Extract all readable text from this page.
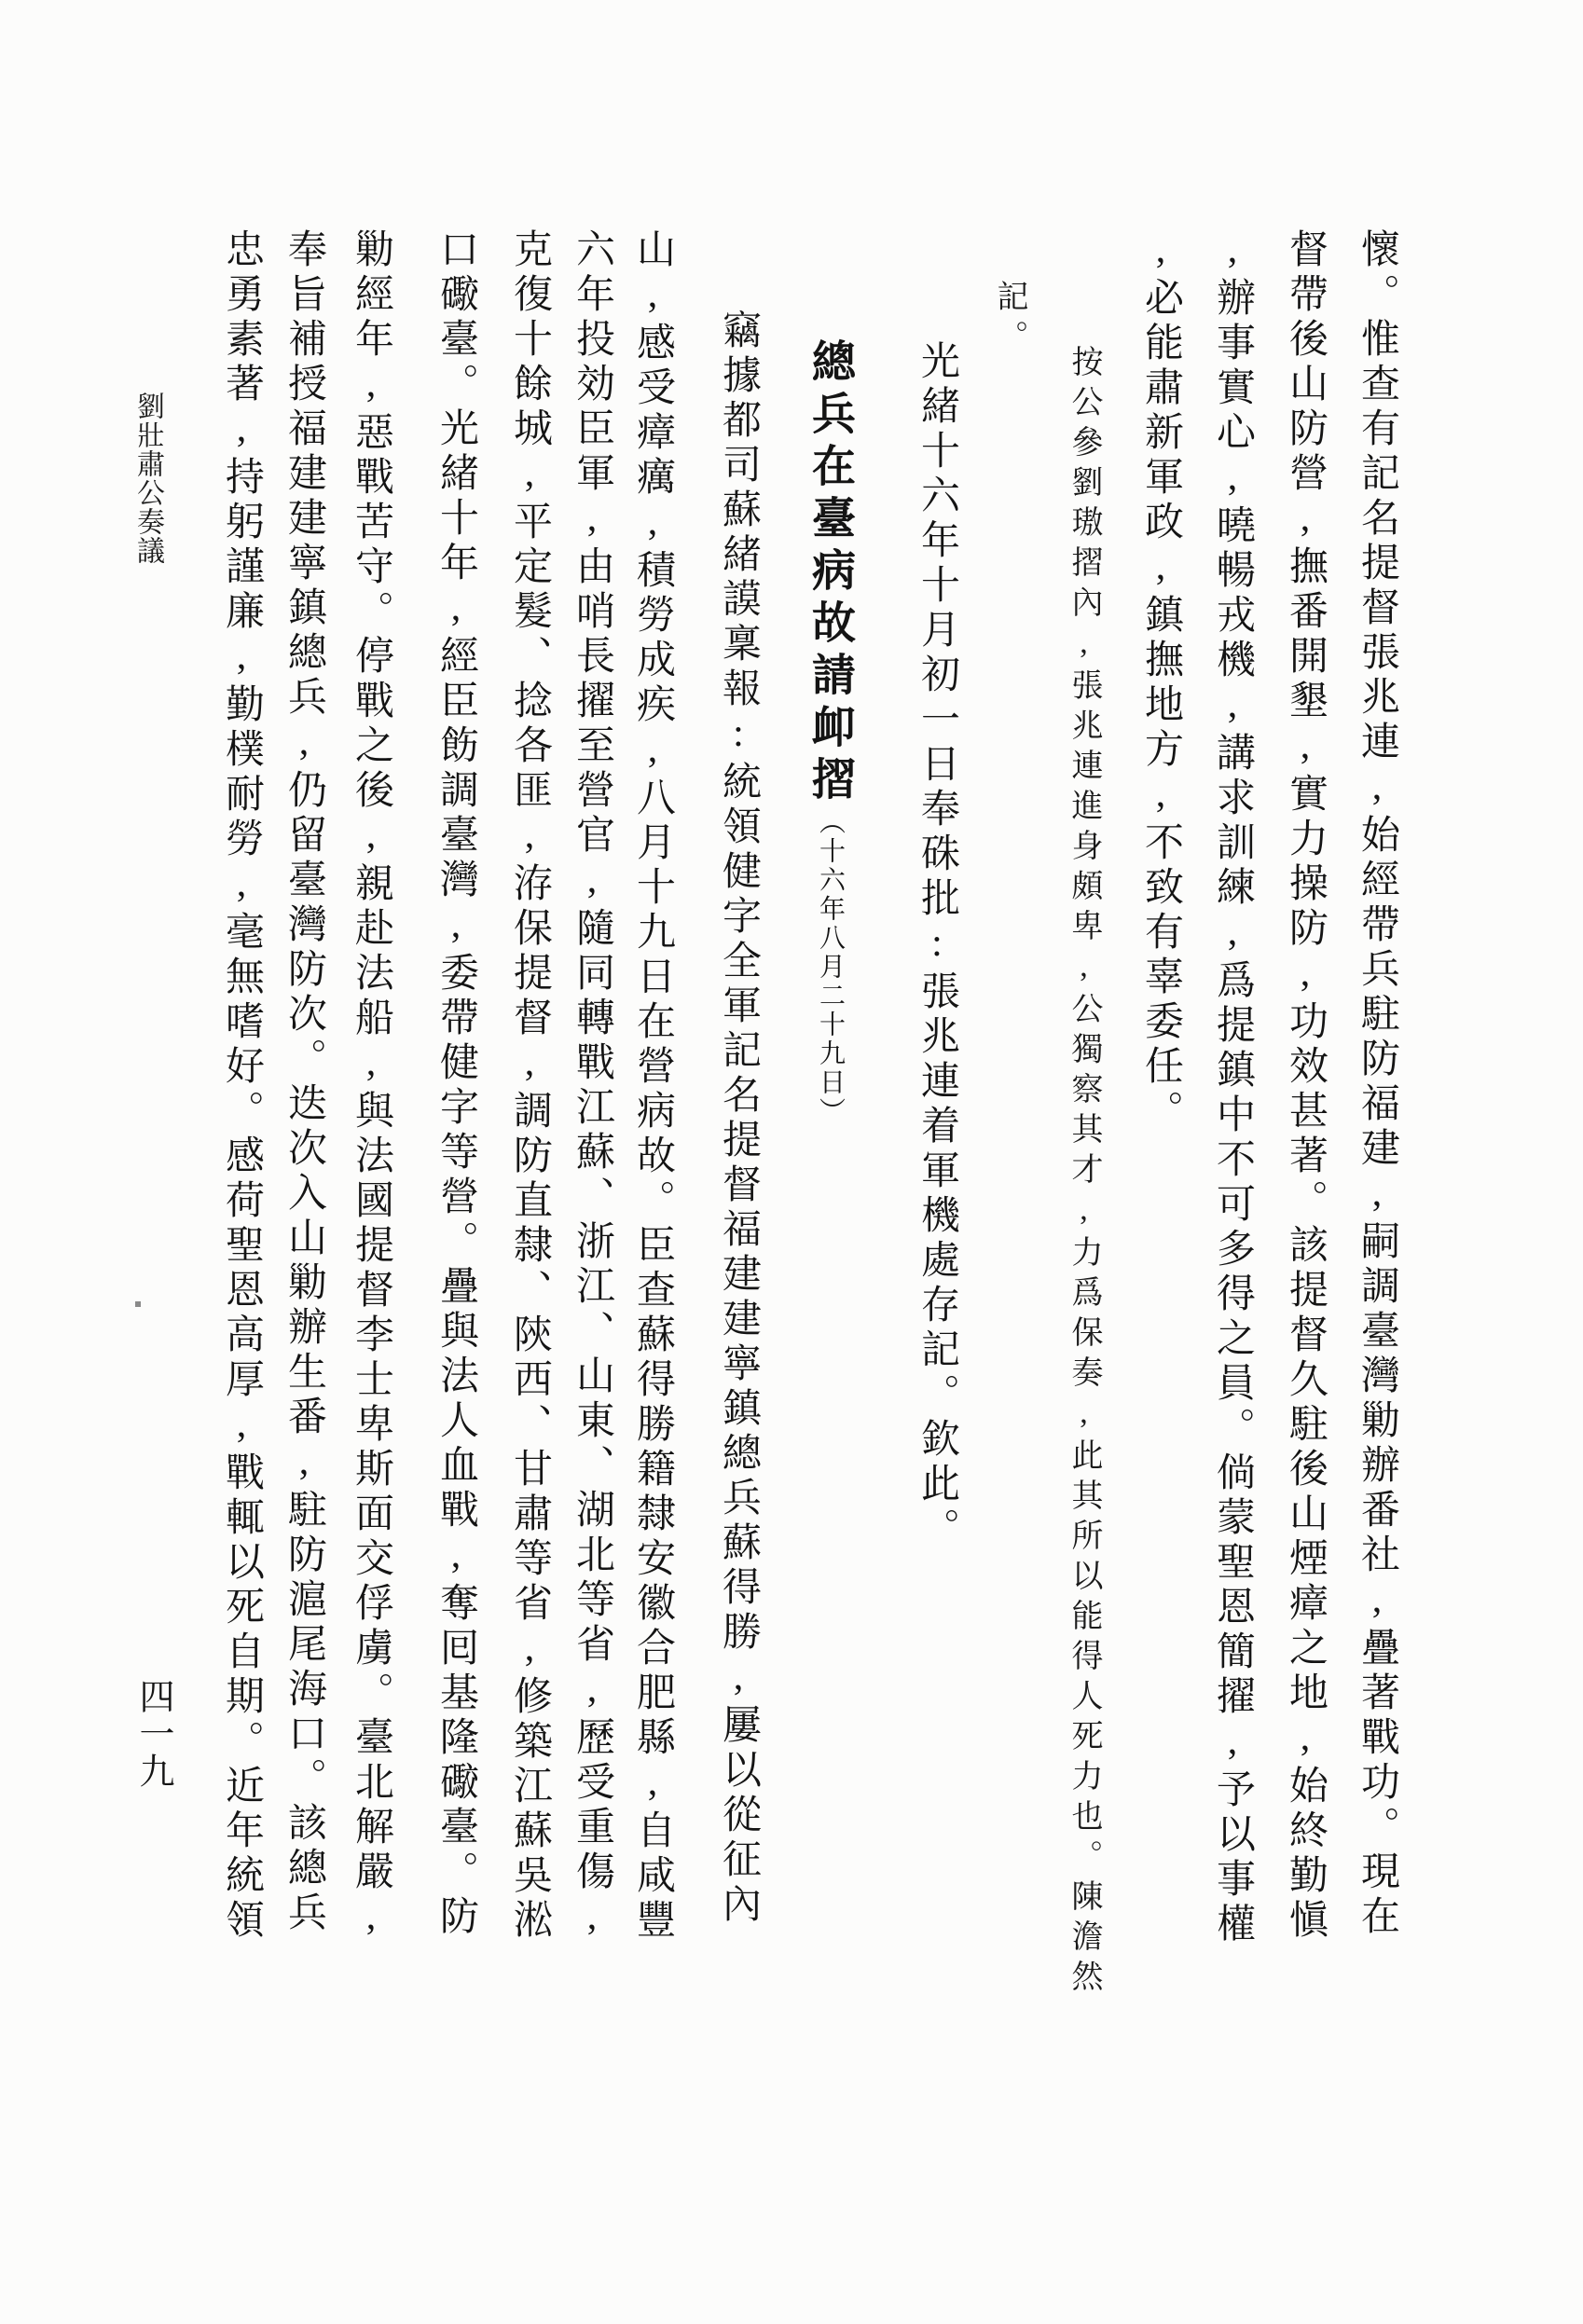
懷。惟查有記名提督張兆連,始經帶兵駐防福建,嗣調臺灣勦辦番社,疊著戰功。現在
督帶後山防營,撫番開墾,實力操防,功效甚著。該提督久駐後山煙瘴之地,始終勤愼
,辦事實心,曉暢戎機,講求訓練,爲提鎮中不可多得之員。倘蒙聖恩簡擢,予以事權
,必能肅新軍政,鎮撫地方,不致有辜委任。
按公參劉璈摺內,張兆連進身頗卑,公獨察其才,力爲保奏,此其所以能得人死力也。陳澹然
記。
光緒十六年十月初一日奉硃批:張兆連着軍機處存記。欽此。
總兵在臺病故請卹摺︵十六年八月二十九日︶
竊據都司蘇緒謨稟報:統領健字全軍記名提督福建建寧鎮總兵蘇得勝,屢以從征內
山,感受瘴癘,積勞成疾,八月十九日在營病故。臣查蘇得勝籍隸安徽合肥縣,自咸豐
六年投効臣軍,由哨長擢至營官,隨同轉戰江蘇、浙江、山東、湖北等省,歷受重傷,
克復十餘城,平定髮、捻各匪,洊保提督,調防直隸、陝西、甘肅等省,修築江蘇吳淞
口礮臺。光緒十年,經臣飭調臺灣,委帶健字等營。疊與法人血戰,奪囘基隆礮臺。防
勦經年,惡戰苦守。停戰之後,親赴法船,與法國提督李士卑斯面交俘虜。臺北解嚴,
奉旨補授福建建寧鎮總兵,仍留臺灣防次。迭次入山勦辦生番,駐防滬尾海口。該總兵
忠勇素著,持躬謹廉,勤樸耐勞,毫無嗜好。感荷聖恩高厚,戰輒以死自期。近年統領
劉壯肅公奏議
四一九
